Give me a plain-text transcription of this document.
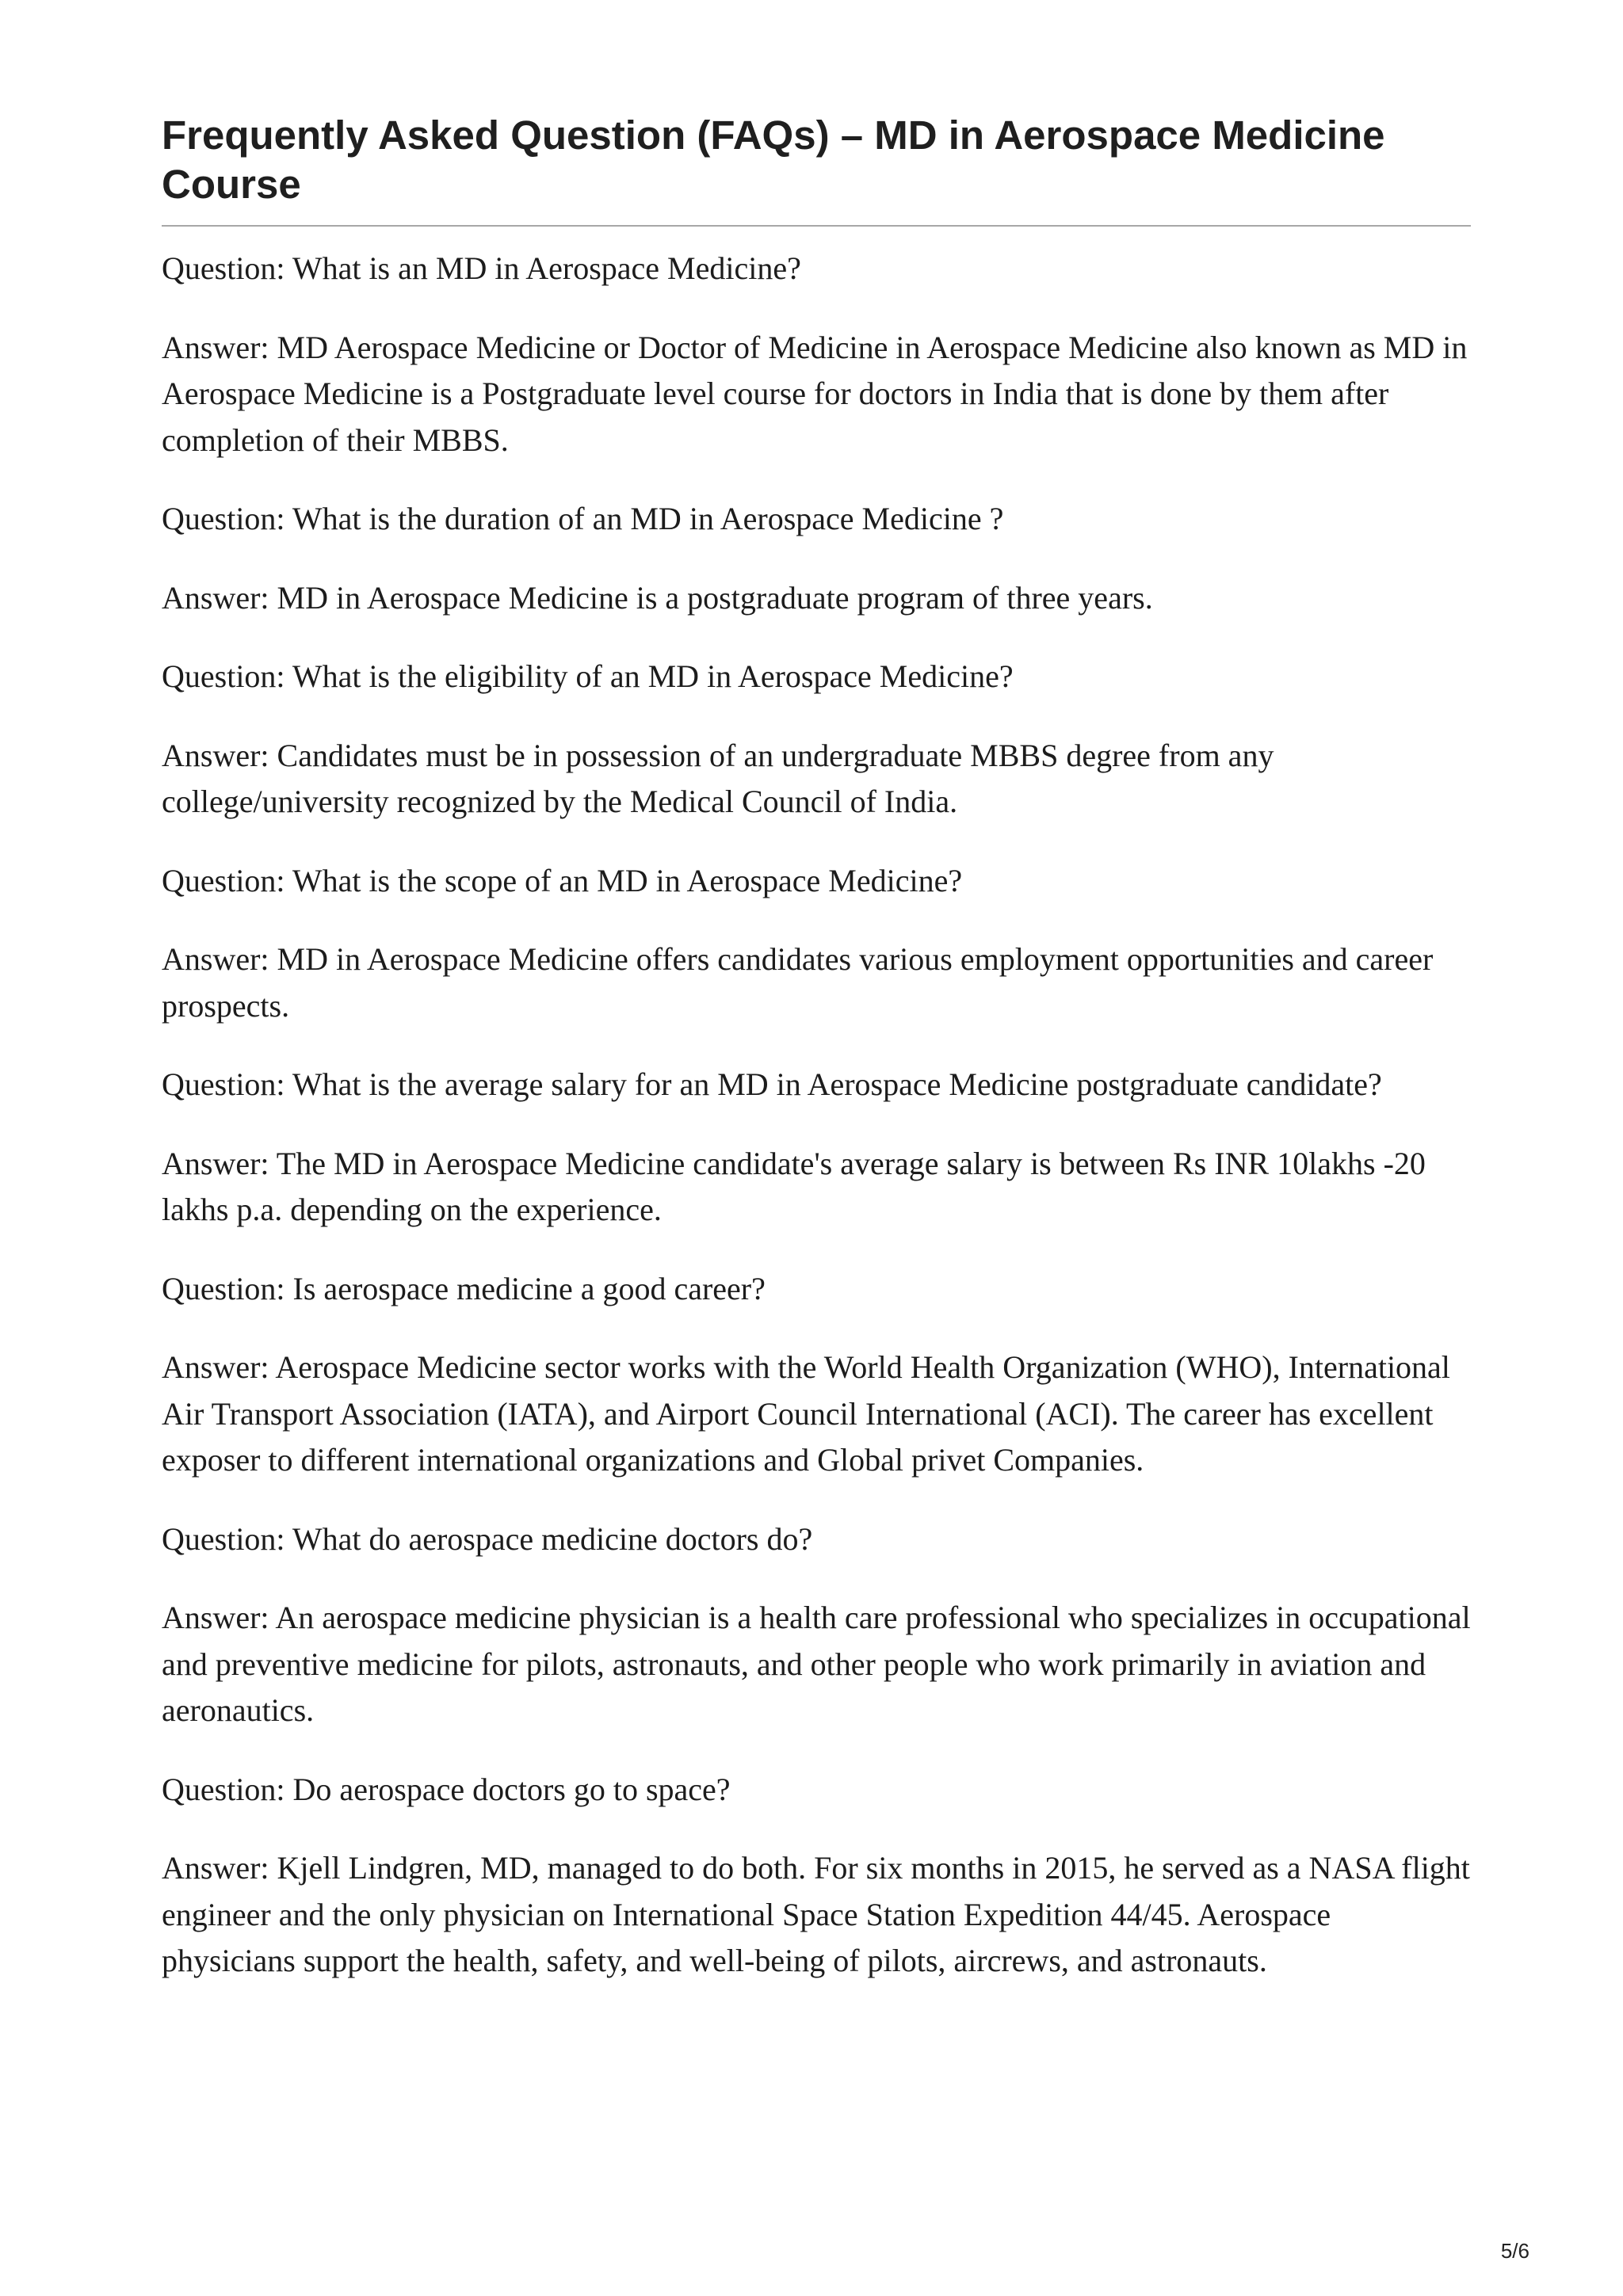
Frequently Asked Question (FAQs) – MD in Aerospace Medicine Course

Question: What is an MD in Aerospace Medicine?

Answer: MD Aerospace Medicine or Doctor of Medicine in Aerospace Medicine also known as MD in Aerospace Medicine is a Postgraduate level course for doctors in India that is done by them after completion of their MBBS.

Question: What is the duration of an MD in Aerospace Medicine ?

Answer: MD in Aerospace Medicine is a postgraduate program of three years.

Question: What is the eligibility of an MD in Aerospace Medicine?

Answer: Candidates must be in possession of an undergraduate MBBS degree from any college/university recognized by the Medical Council of India.

Question: What is the scope of an MD in Aerospace Medicine?

Answer: MD in Aerospace Medicine offers candidates various employment opportunities and career prospects.

Question: What is the average salary for an MD in Aerospace Medicine postgraduate candidate?

Answer: The MD in Aerospace Medicine candidate's average salary is between Rs INR 10lakhs -20 lakhs p.a. depending on the experience.

Question: Is aerospace medicine a good career?

Answer: Aerospace Medicine sector works with the World Health Organization (WHO), International Air Transport Association (IATA), and Airport Council International (ACI). The career has excellent exposer to different international organizations and Global privet Companies.

Question: What do aerospace medicine doctors do?

Answer: An aerospace medicine physician is a health care professional who specializes in occupational and preventive medicine for pilots, astronauts, and other people who work primarily in aviation and aeronautics.

Question: Do aerospace doctors go to space?

Answer: Kjell Lindgren, MD, managed to do both. For six months in 2015, he served as a NASA flight engineer and the only physician on International Space Station Expedition 44/45. Aerospace physicians support the health, safety, and well-being of pilots, aircrews, and astronauts.

5/6
